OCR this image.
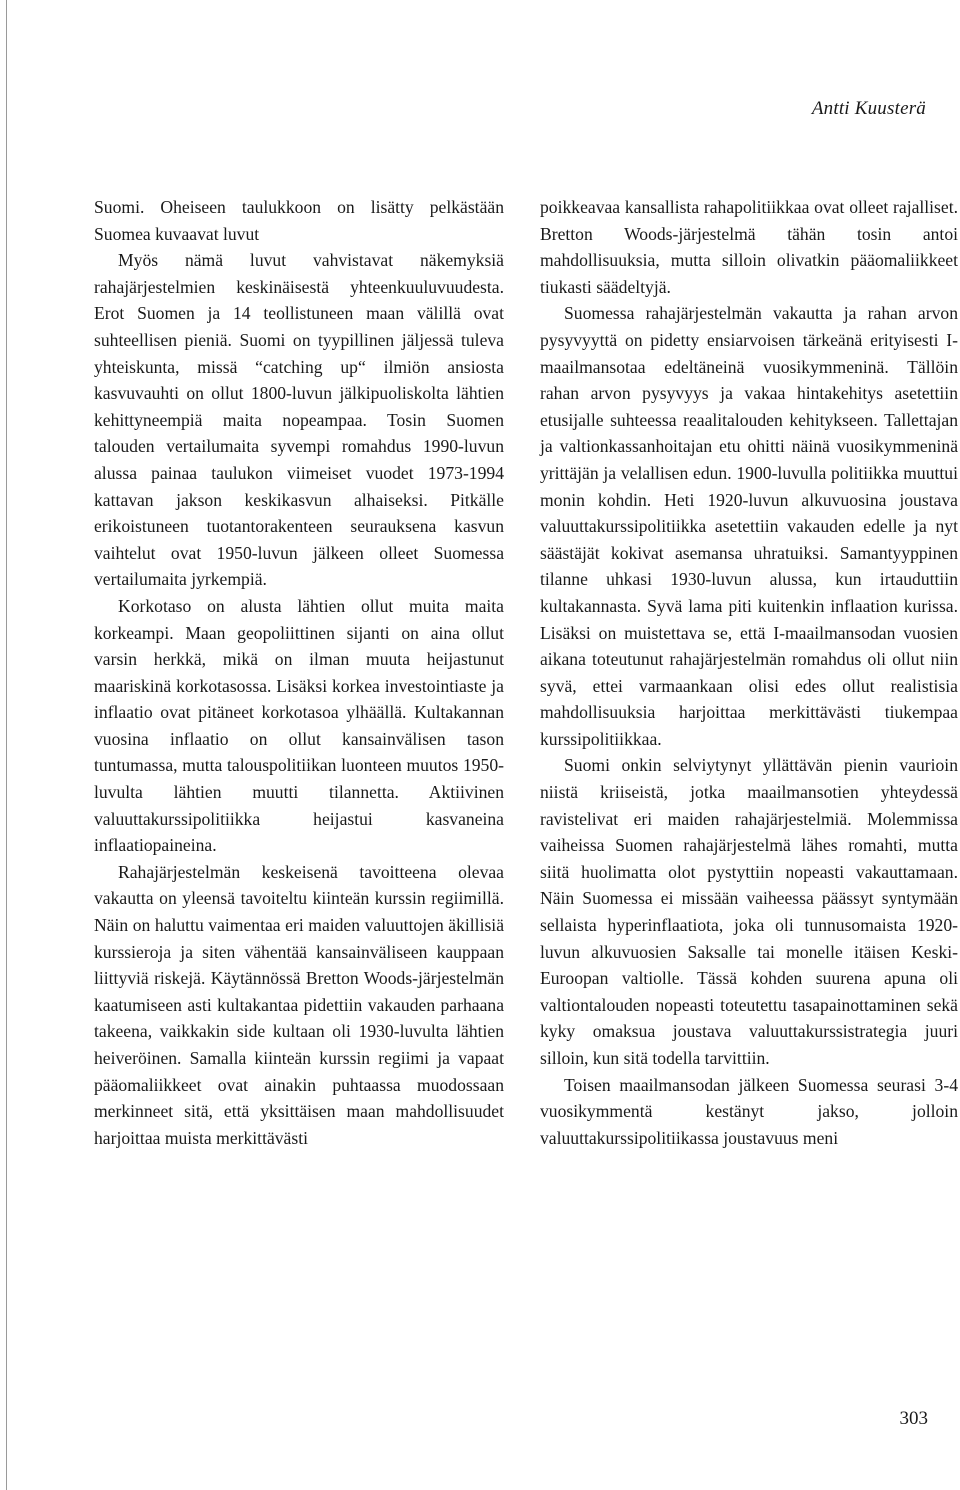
Antti Kuusterä

Suomi. Oheiseen taulukkoon on lisätty pelkästään Suomea kuvaavat luvut

Myös nämä luvut vahvistavat näkemyksiä rahajärjestelmien keskinäisestä yhteenkuuluvuudesta. Erot Suomen ja 14 teollistuneen maan välillä ovat suhteellisen pieniä. Suomi on tyypillinen jäljessä tuleva yhteiskunta, missä “catching up“ ilmiön ansiosta kasvuvauhti on ollut 1800-luvun jälkipuoliskolta lähtien kehittyneempiä maita nopeampaa. Tosin Suomen talouden vertailumaita syvempi romahdus 1990-luvun alussa painaa taulukon viimeiset vuodet 1973-1994 kattavan jakson keskikasvun alhaiseksi. Pitkälle erikoistuneen tuotantorakenteen seurauksena kasvun vaihtelut ovat 1950-luvun jälkeen olleet Suomessa vertailumaita jyrkempiä.

Korkotaso on alusta lähtien ollut muita maita korkeampi. Maan geopoliittinen sijanti on aina ollut varsin herkkä, mikä on ilman muuta heijastunut maariskinä korkotasossa. Lisäksi korkea investointiaste ja inflaatio ovat pitäneet korkotasoa ylhäällä. Kultakannan vuosina inflaatio on ollut kansainvälisen tason tuntumassa, mutta talouspolitiikan luonteen muutos 1950-luvulta lähtien muutti tilannetta. Aktiivinen valuuttakurssipolitiikka heijastui kasvaneina inflaatiopaineina.

Rahajärjestelmän keskeisenä tavoitteena olevaa vakautta on yleensä tavoiteltu kiinteän kurssin regiimillä. Näin on haluttu vaimentaa eri maiden valuuttojen äkillisiä kurssieroja ja siten vähentää kansainväliseen kauppaan liittyviä riskejä. Käytännössä Bretton Woods-järjestelmän kaatumiseen asti kultakantaa pidettiin vakauden parhaana takeena, vaikkakin side kultaan oli 1930-luvulta lähtien heiveröinen. Samalla kiinteän kurssin regiimi ja vapaat pääomaliikkeet ovat ainakin puhtaassa muodossaan merkinneet sitä, että yksittäisen maan mahdollisuudet harjoittaa muista merkittävästi

poikkeavaa kansallista rahapolitiikkaa ovat olleet rajalliset. Bretton Woods-järjestelmä tähän tosin antoi mahdollisuuksia, mutta silloin olivatkin pääomaliikkeet tiukasti säädeltyjä.

Suomessa rahajärjestelmän vakautta ja rahan arvon pysyvyyttä on pidetty ensiarvoisen tärkeänä erityisesti I-maailmansotaa edeltäneinä vuosikymmeninä. Tällöin rahan arvon pysyvyys ja vakaa hintakehitys asetettiin etusijalle suhteessa reaalitalouden kehitykseen. Tallettajan ja valtionkassanhoitajan etu ohitti näinä vuosikymmeninä yrittäjän ja velallisen edun. 1900-luvulla politiikka muuttui monin kohdin. Heti 1920-luvun alkuvuosina joustava valuuttakurssipolitiikka asetettiin vakauden edelle ja nyt säästäjät kokivat asemansa uhratuiksi. Samantyyppinen tilanne uhkasi 1930-luvun alussa, kun irtauduttiin kultakannasta. Syvä lama piti kuitenkin inflaation kurissa. Lisäksi on muistettava se, että I-maailmansodan vuosien aikana toteutunut rahajärjestelmän romahdus oli ollut niin syvä, ettei varmaankaan olisi edes ollut realistisia mahdollisuuksia harjoittaa merkittävästi tiukempaa kurssipolitiikkaa.

Suomi onkin selviytynyt yllättävän pienin vaurioin niistä kriiseistä, jotka maailmansotien yhteydessä ravistelivat eri maiden rahajärjestelmiä. Molemmissa vaiheissa Suomen rahajärjestelmä lähes romahti, mutta siitä huolimatta olot pystyttiin nopeasti vakauttamaan. Näin Suomessa ei missään vaiheessa päässyt syntymään sellaista hyperinflaatiota, joka oli tunnusomaista 1920-luvun alkuvuosien Saksalle tai monelle itäisen Keski-Euroopan valtiolle. Tässä kohden suurena apuna oli valtiontalouden nopeasti toteutettu tasapainottaminen sekä kyky omaksua joustava valuuttakurssistrategia juuri silloin, kun sitä todella tarvittiin.

Toisen maailmansodan jälkeen Suomessa seurasi 3-4 vuosikymmentä kestänyt jakso, jolloin valuuttakurssipolitiikassa joustavuus meni

303
